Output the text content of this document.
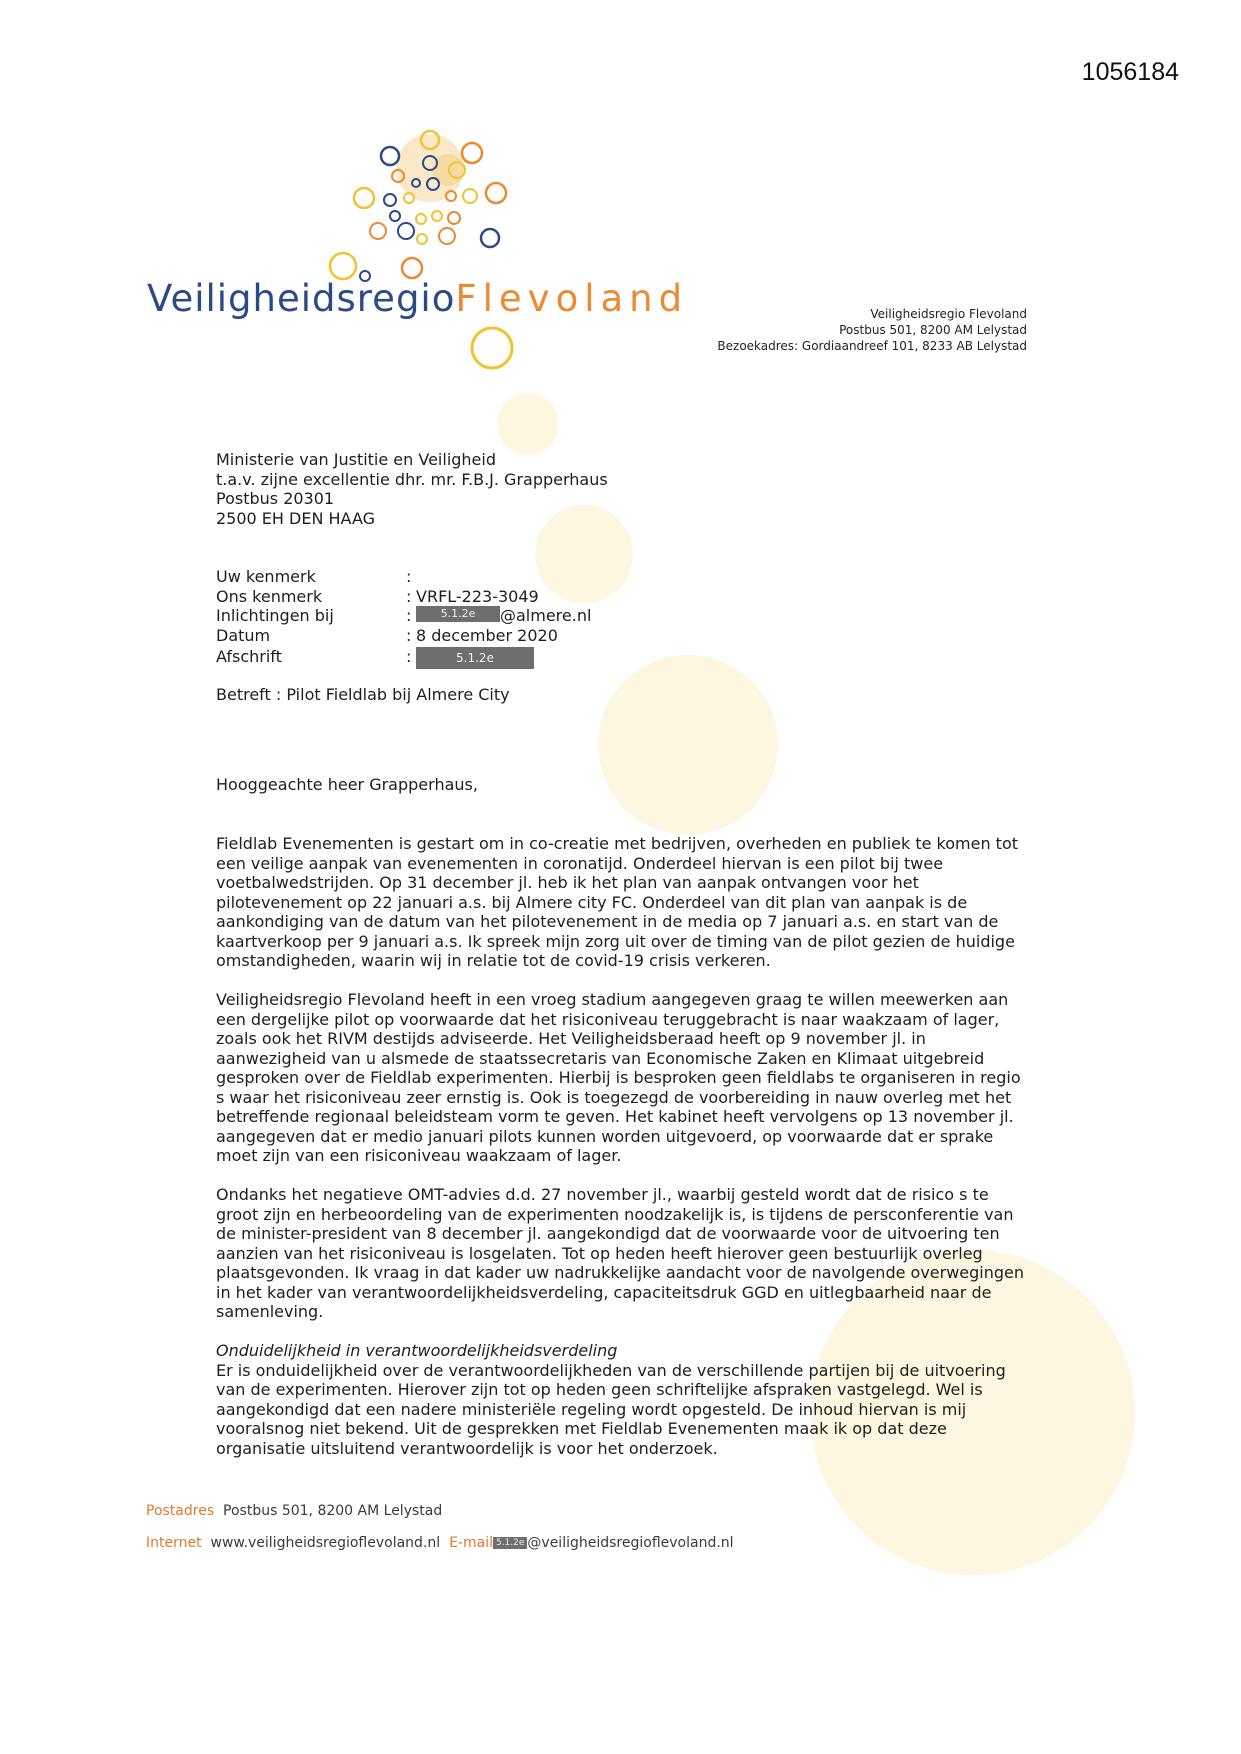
1056184
VeiligheidsregioFlevoland	Veiligheidsregio Flevoland
Postbus 501, 8200 AM Lelystad
Bezoekadres: Gordiaandreef 101, 8233 AB Lelystad
Ministerie van Justitie en Veiligheid
t.a.v. zijne excellentie dhr. mr. F.B.J. Grapperhaus
Postbus 20301
2500 EH DEN HAAG
Uw kenmerk	:
Ons kenmerk	: VRFL-223-3049
Inlichtingen bij	:	5.1.2e	@almere.nl
Datum	: 8 december 2020
Afschrift	:	5.1.2e
Betreft : Pilot Fieldlab bij Almere City
Hooggeachte heer Grapperhaus,

Fieldlab Evenementen is gestart om in co-creatie met bedrijven, overheden en publiek te komen tot een veilige aanpak van evenementen in coronatijd. Onderdeel hiervan is een pilot bij twee voetbalwedstrijden. Op 31 december jl. heb ik het plan van aanpak ontvangen voor het pilotevenement op 22 januari a.s. bij Almere city FC. Onderdeel van dit plan van aanpak is de aankondiging van de datum van het pilotevenement in de media op 7 januari a.s. en start van de kaartverkoop per 9 januari a.s. Ik spreek mijn zorg uit over de timing van de pilot gezien de huidige omstandigheden, waarin wij in relatie tot de covid-19 crisis verkeren.

Veiligheidsregio Flevoland heeft in een vroeg stadium aangegeven graag te willen meewerken aan een dergelijke pilot op voorwaarde dat het risiconiveau teruggebracht is naar waakzaam of lager, zoals ook het RIVM destijds adviseerde. Het Veiligheidsberaad heeft op 9 november jl. in aanwezigheid van u alsmede de staatssecretaris van Economische Zaken en Klimaat uitgebreid gesproken over de Fieldlab experimenten. Hierbij is besproken geen fieldlabs te organiseren in regio s waar het risiconiveau zeer ernstig is. Ook is toegezegd de voorbereiding in nauw overleg met het betreffende regionaal beleidsteam vorm te geven. Het kabinet heeft vervolgens op 13 november jl. aangegeven dat er medio januari pilots kunnen worden uitgevoerd, op voorwaarde dat er sprake moet zijn van een risiconiveau waakzaam of lager.

Ondanks het negatieve OMT-advies d.d. 27 november jl., waarbij gesteld wordt dat de risico s te groot zijn en herbeoordeling van de experimenten noodzakelijk is, is tijdens de persconferentie van de minister-president van 8 december jl. aangekondigd dat de voorwaarde voor de uitvoering ten aanzien van het risiconiveau is losgelaten. Tot op heden heeft hierover geen bestuurlijk overleg plaatsgevonden. Ik vraag in dat kader uw nadrukkelijke aandacht voor de navolgende overwegingen in het kader van verantwoordelijkheidsverdeling, capaciteitsdruk GGD en uitlegbaarheid naar de samenleving.

Onduidelijkheid in verantwoordelijkheidsverdeling

Er is onduidelijkheid over de verantwoordelijkheden van de verschillende partijen bij de uitvoering van de experimenten. Hierover zijn tot op heden geen schriftelijke afspraken vastgelegd. Wel is aangekondigd dat een nadere ministeriële regeling wordt opgesteld. De inhoud hiervan is mij vooralsnog niet bekend. Uit de gesprekken met Fieldlab Evenementen maak ik op dat deze organisatie uitsluitend verantwoordelijk is voor het onderzoek.

Postadres Postbus 501, 8200 AM Lelystad
Internet www.veiligheidsregioflevoland.nl E-mail 5.1.2e @veiligheidsregioflevoland.nl
